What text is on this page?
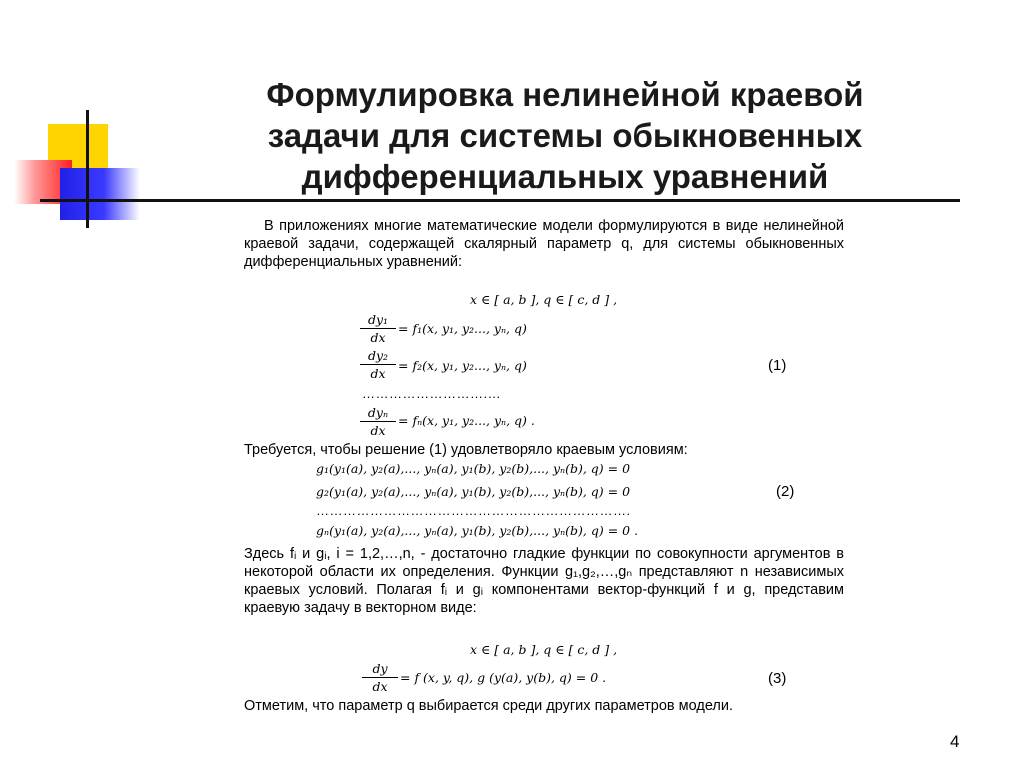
Формулировка нелинейной краевой
задачи для системы обыкновенных
дифференциальных уравнений
В приложениях многие математические модели формулируются в виде нелинейной краевой задачи, содержащей скалярный параметр q, для системы обыкновенных дифференциальных уравнений:
x ∈ [ a, b ], q ∈ [ c, d ] ,
$\frac{\text{dy₁}}{dx} = f_1(x$, y₁, y₂..., yₙ, q)
$\frac{\text{dy₂}}{dx} = f_2(x$, y₁, y₂..., yₙ, q)	(1)
……………………….…
dyₙ
dx
= fₙ(x, y₁, y₂..., yₙ, q) .
Требуется, чтобы решение (1) удовлетворяло краевым условиям:
g₁(y₁(a), y₂(a),..., yₙ(a), y₁(b), y₂(b),..., yₙ(b), q) = 0
g₂(y₁(a), y₂(a),..., yₙ(a), y₁(b), y₂(b),..., yₙ(b), q) = 0	(2)
…………………………………………………………….
gₙ(y₁(a), y₂(a),..., yₙ(a), y₁(b), y₂(b),..., yₙ(b), q) = 0 .
Здесь fᵢ и gᵢ, i = 1,2,…,n, - достаточно гладкие функции по совокупности аргументов в некоторой области их определения. Функции g₁,g₂,…,gₙ представляют n независимых краевых условий. Полагая fᵢ и gᵢ компонентами вектор-функций f и g, представим краевую задачу в векторном виде:
x ∈ [ a, b ], q ∈ [ c, d ] ,
$\frac{dy}{dx} = f$ (x, y, q), g (y(a), y(b), q) = 0 .	(3)
Отметим, что параметр q выбирается среди других параметров модели.
4
